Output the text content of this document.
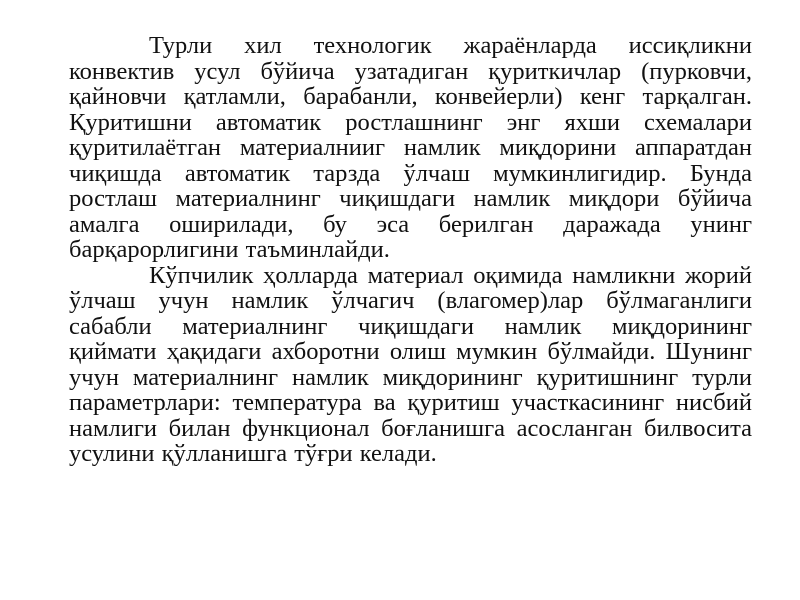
Турли хил технологик жараёнларда иссиқликни конвектив усул бўйича узатадиган қуриткичлар (пурковчи, қайновчи қатламли, барабанли, конвейерли) кенг тарқалган. Қуритишни автоматик ростлашнинг энг яхши схемалари қуритилаётган материалнииг намлик миқдорини аппаратдан чиқишда автоматик тарзда ўлчаш мумкинлигидир. Бунда ростлаш материалнинг чиқишдаги намлик миқдори бўйича амалга оширилади, бу эса берилган даражада унинг барқарорлигини таъминлайди.

Кўпчилик ҳолларда материал оқимида намликни жорий ўлчаш учун намлик ўлчагич (влагомер)лар бўлмаганлиги сабабли материалнинг чиқишдаги намлик миқдорининг қиймати ҳақидаги ахборотни олиш мумкин бўлмайди. Шунинг учун материалнинг намлик миқдорининг қуритишнинг турли параметрлари: температура ва қуритиш участкасининг нисбий намлиги билан функционал боғланишга асосланган билвосита усулини қўлланишга тўғри келади.
